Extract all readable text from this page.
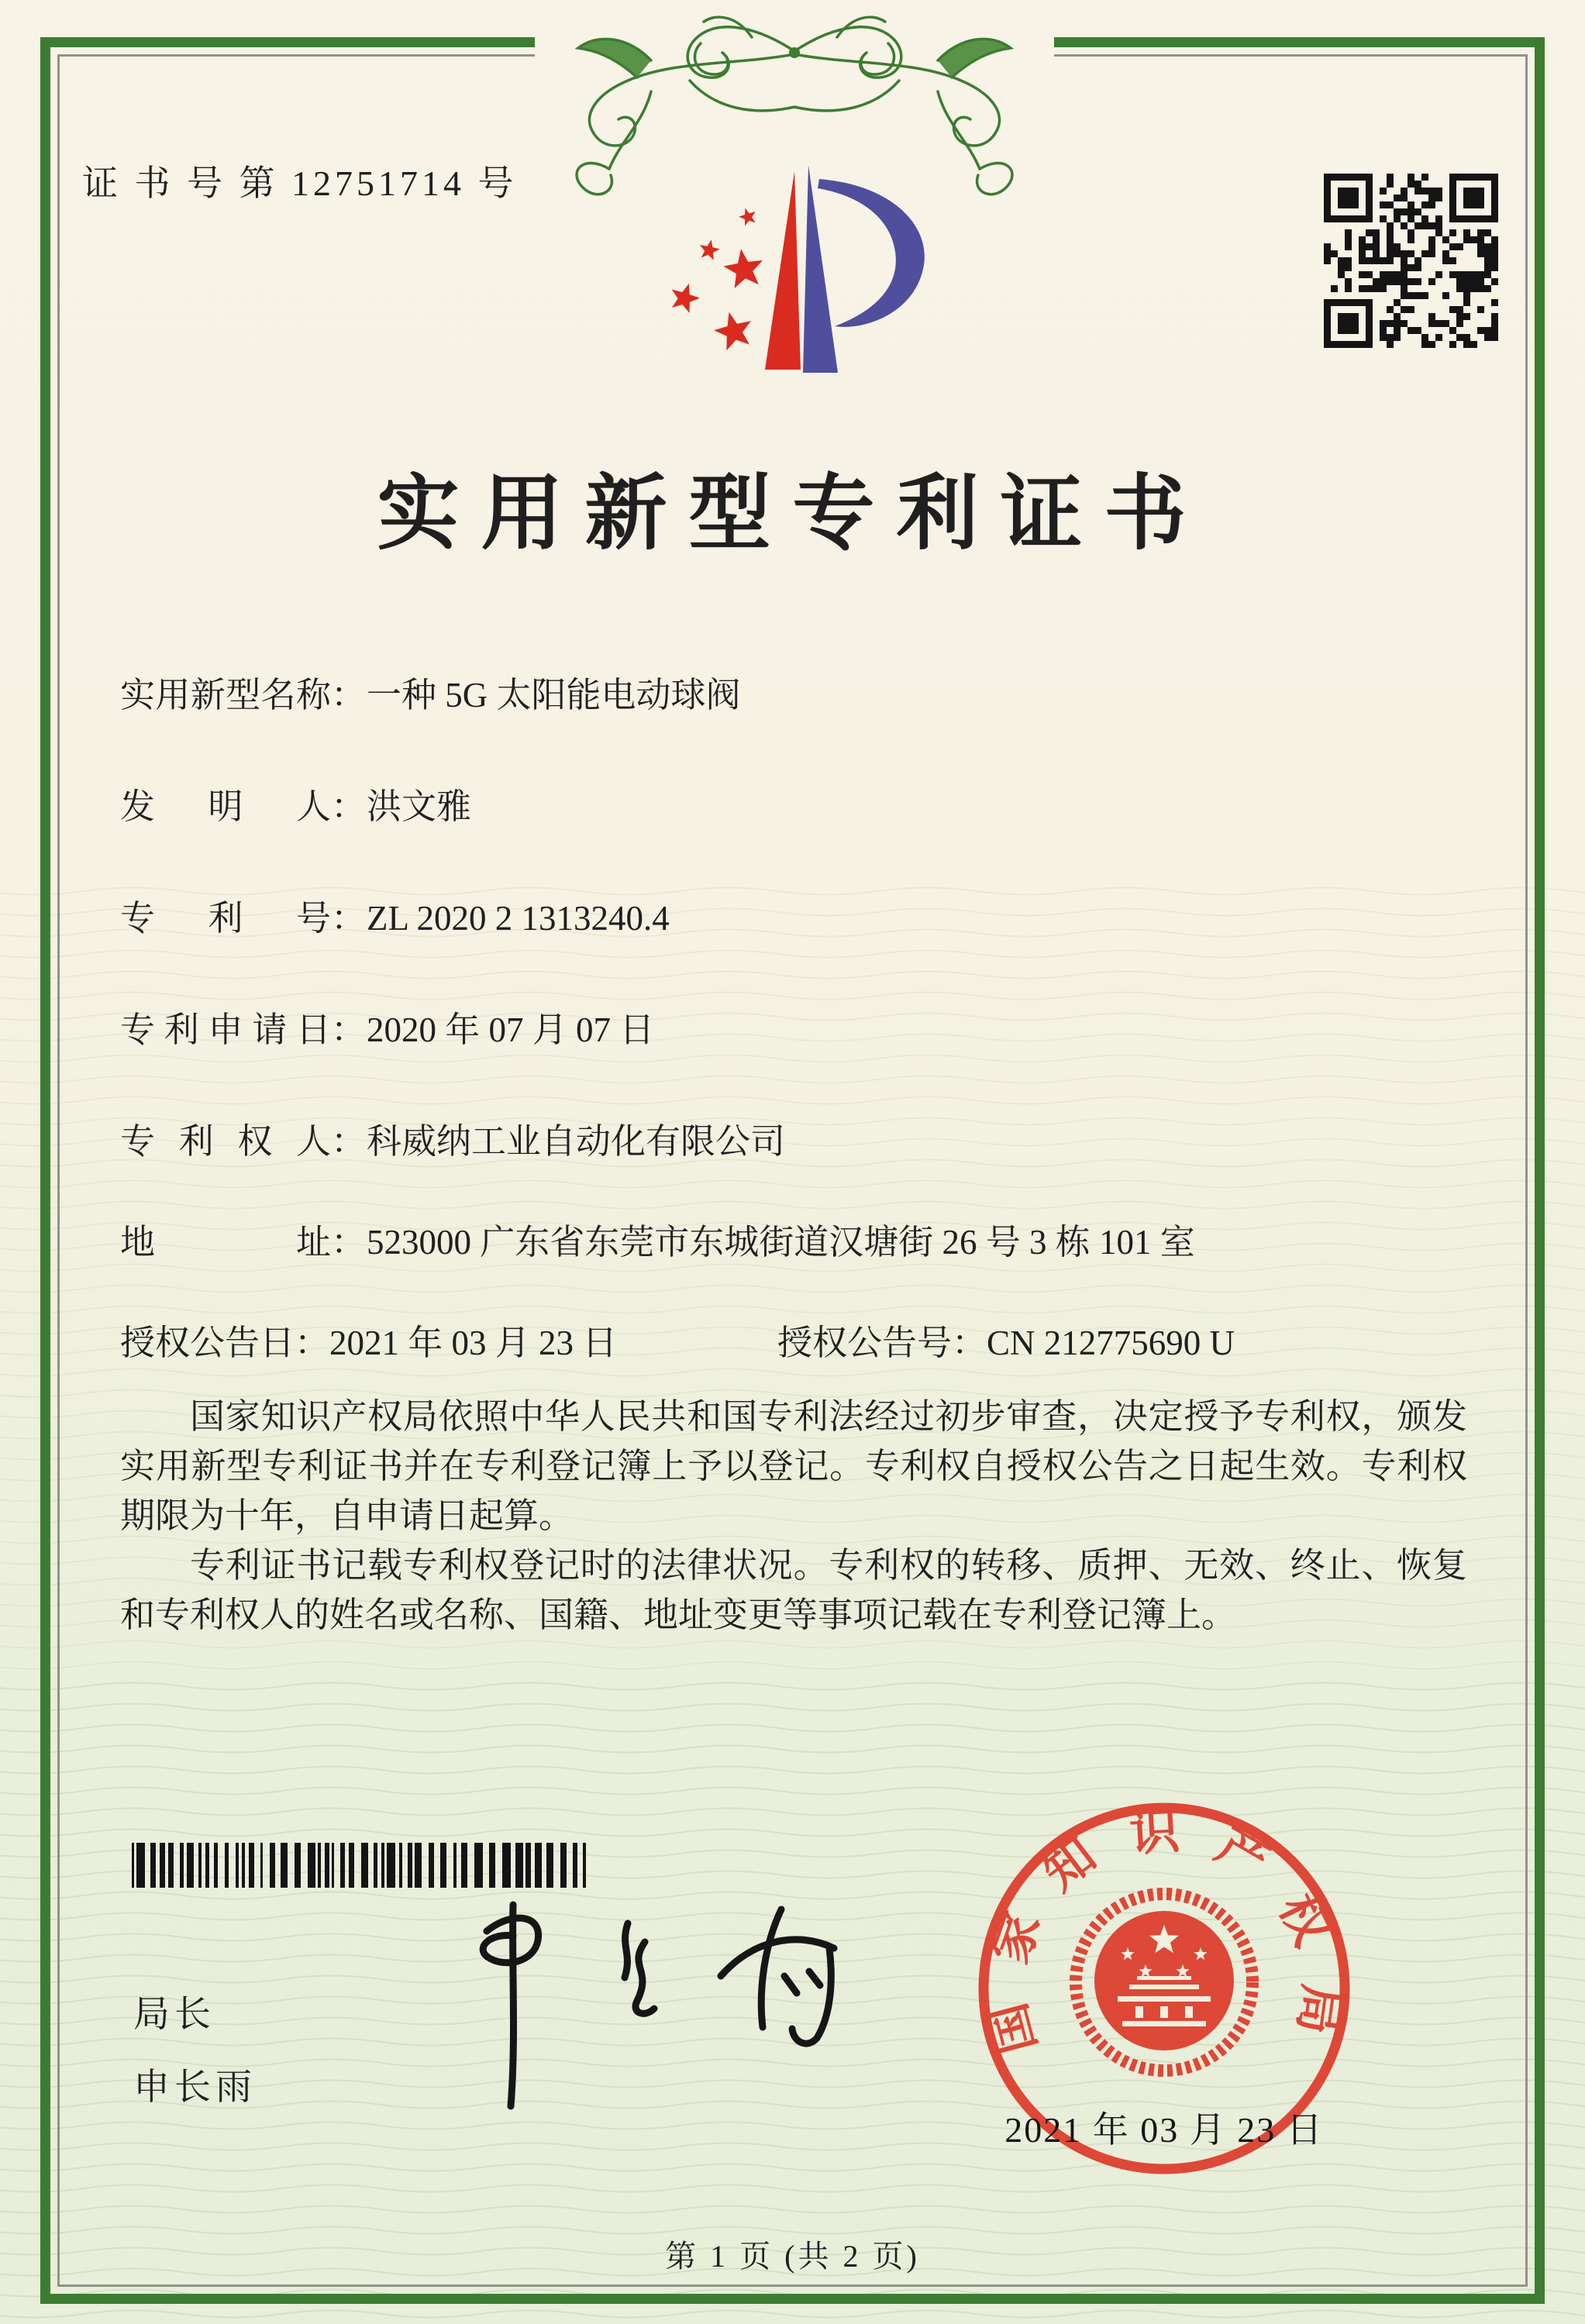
证 书 号 第 12751714 号
实用新型专利证书
实用新型名称：一种 5G 太阳能电动球阀
发明人：洪文雅
专利号：ZL 2020 2 1313240.4
专利申请日：2020 年 07 月 07 日
专利权人：科威纳工业自动化有限公司
地址：523000 广东省东莞市东城街道汉塘街 26 号 3 栋 101 室
授权公告日：2021 年 03 月 23 日	授权公告号：CN 212775690 U

国家知识产权局依照中华人民共和国专利法经过初步审查，决定授予专利权，颁发实用新型专利证书并在专利登记簿上予以登记。专利权自授权公告之日起生效。专利权期限为十年，自申请日起算。

专利证书记载专利权登记时的法律状况。专利权的转移、质押、无效、终止、恢复和专利权人的姓名或名称、国籍、地址变更等事项记载在专利登记簿上。

局长
申长雨
国家知识产权局
2021 年 03 月 23 日
第 1 页 (共 2 页)
